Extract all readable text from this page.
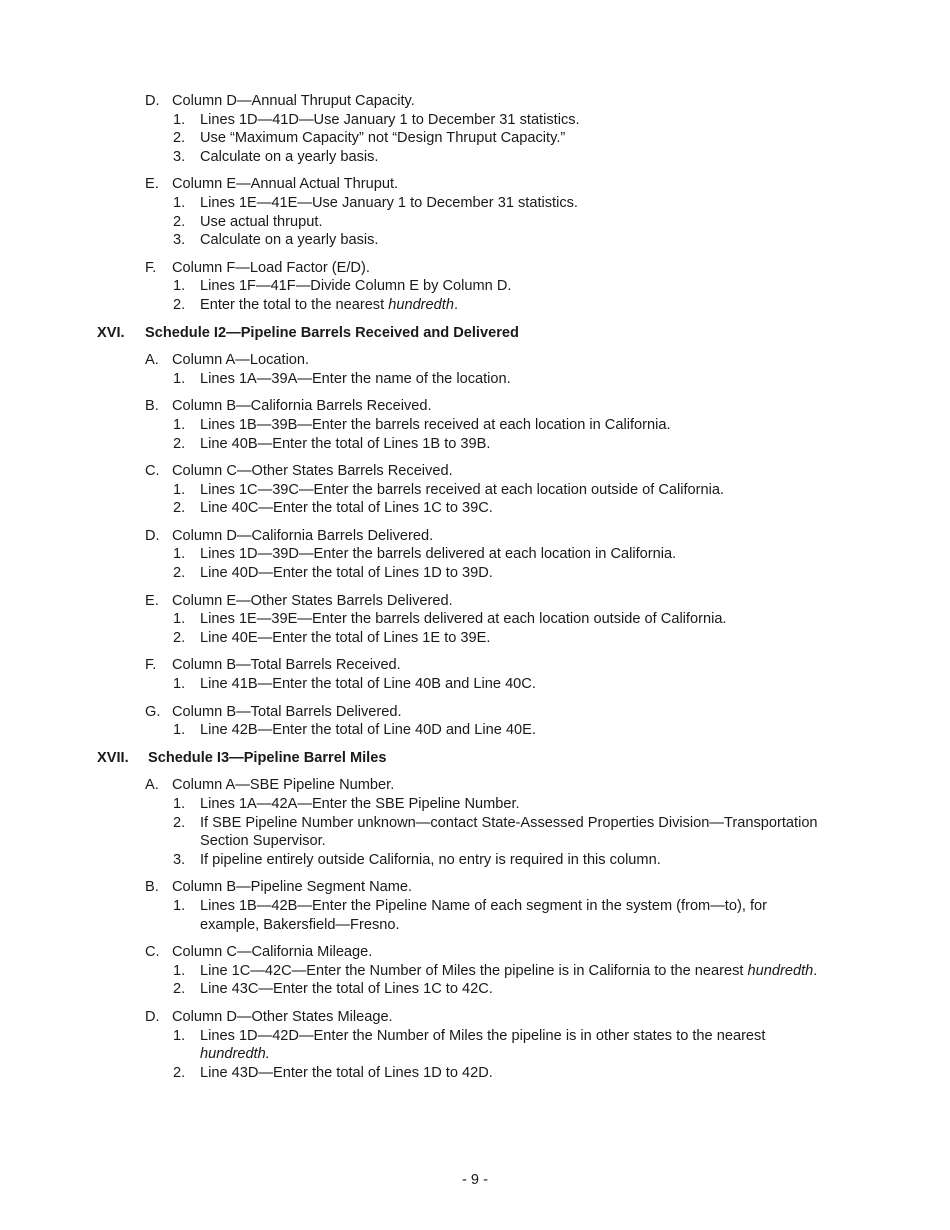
D. Column D—Annual Thruput Capacity.
1. Lines 1D—41D—Use January 1 to December 31 statistics.
2. Use “Maximum Capacity” not “Design Thruput Capacity.”
3. Calculate on a yearly basis.
E. Column E—Annual Actual Thruput.
1. Lines 1E—41E—Use January 1 to December 31 statistics.
2. Use actual thruput.
3. Calculate on a yearly basis.
F. Column F—Load Factor (E/D).
1. Lines 1F—41F—Divide Column E by Column D.
2. Enter the total to the nearest hundredth.
XVI. Schedule I2—Pipeline Barrels Received and Delivered
A. Column A—Location.
1. Lines 1A—39A—Enter the name of the location.
B. Column B—California Barrels Received.
1. Lines 1B—39B—Enter the barrels received at each location in California.
2. Line 40B—Enter the total of Lines 1B to 39B.
C. Column C—Other States Barrels Received.
1. Lines 1C—39C—Enter the barrels received at each location outside of California.
2. Line 40C—Enter the total of Lines 1C to 39C.
D. Column D—California Barrels Delivered.
1. Lines 1D—39D—Enter the barrels delivered at each location in California.
2. Line 40D—Enter the total of Lines 1D to 39D.
E. Column E—Other States Barrels Delivered.
1. Lines 1E—39E—Enter the barrels delivered at each location outside of California.
2. Line 40E—Enter the total of Lines 1E to 39E.
F. Column B—Total Barrels Received.
1. Line 41B—Enter the total of Line 40B and Line 40C.
G. Column B—Total Barrels Delivered.
1. Line 42B—Enter the total of Line 40D and Line 40E.
XVII. Schedule I3—Pipeline Barrel Miles
A. Column A—SBE Pipeline Number.
1. Lines 1A—42A—Enter the SBE Pipeline Number.
2. If SBE Pipeline Number unknown—contact State-Assessed Properties Division—Transportation Section Supervisor.
3. If pipeline entirely outside California, no entry is required in this column.
B. Column B—Pipeline Segment Name.
1. Lines 1B—42B—Enter the Pipeline Name of each segment in the system (from—to), for example, Bakersfield—Fresno.
C. Column C—California Mileage.
1. Line 1C—42C—Enter the Number of Miles the pipeline is in California to the nearest hundredth.
2. Line 43C—Enter the total of Lines 1C to 42C.
D. Column D—Other States Mileage.
1. Lines 1D—42D—Enter the Number of Miles the pipeline is in other states to the nearest hundredth.
2. Line 43D—Enter the total of Lines 1D to 42D.
- 9 -
